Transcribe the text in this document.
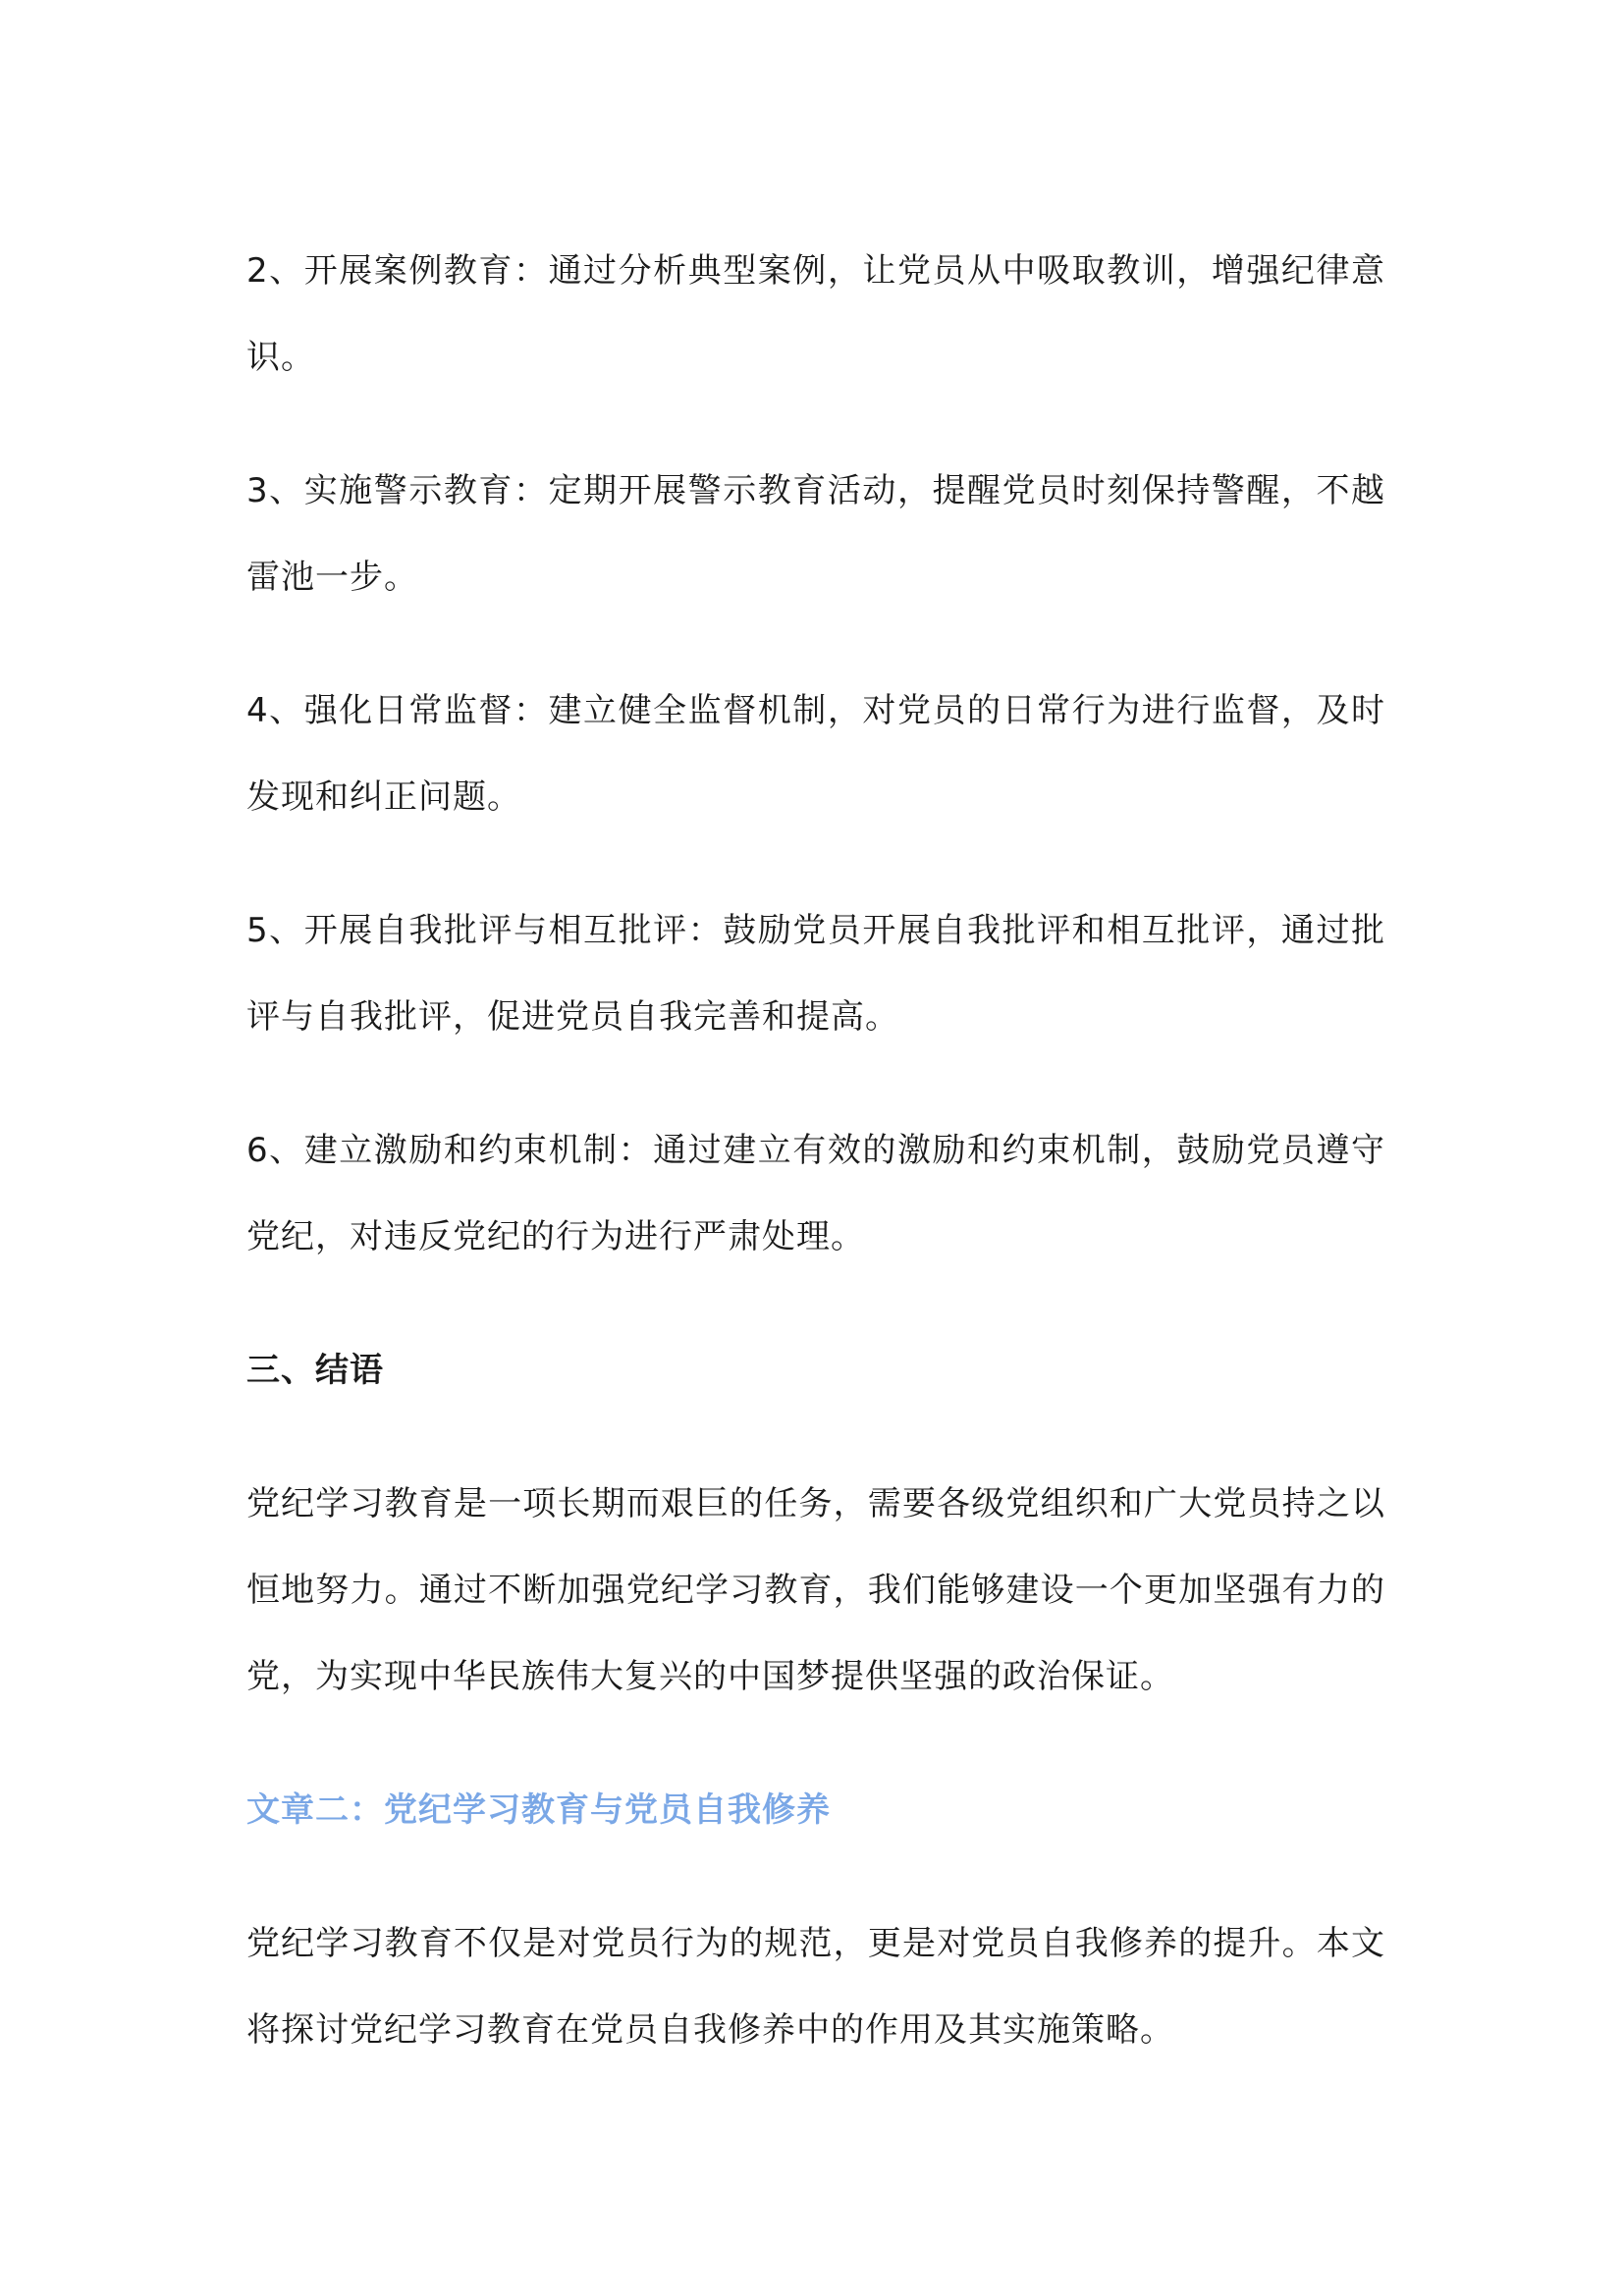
2、开展案例教育：通过分析典型案例，让党员从中吸取教训，增强纪律意识。

3、实施警示教育：定期开展警示教育活动，提醒党员时刻保持警醒，不越雷池一步。

4、强化日常监督：建立健全监督机制，对党员的日常行为进行监督，及时发现和纠正问题。

5、开展自我批评与相互批评：鼓励党员开展自我批评和相互批评，通过批评与自我批评，促进党员自我完善和提高。

6、建立激励和约束机制：通过建立有效的激励和约束机制，鼓励党员遵守党纪，对违反党纪的行为进行严肃处理。

三、结语

党纪学习教育是一项长期而艰巨的任务，需要各级党组织和广大党员持之以恒地努力。通过不断加强党纪学习教育，我们能够建设一个更加坚强有力的党，为实现中华民族伟大复兴的中国梦提供坚强的政治保证。

文章二：党纪学习教育与党员自我修养

党纪学习教育不仅是对党员行为的规范，更是对党员自我修养的提升。本文将探讨党纪学习教育在党员自我修养中的作用及其实施策略。
